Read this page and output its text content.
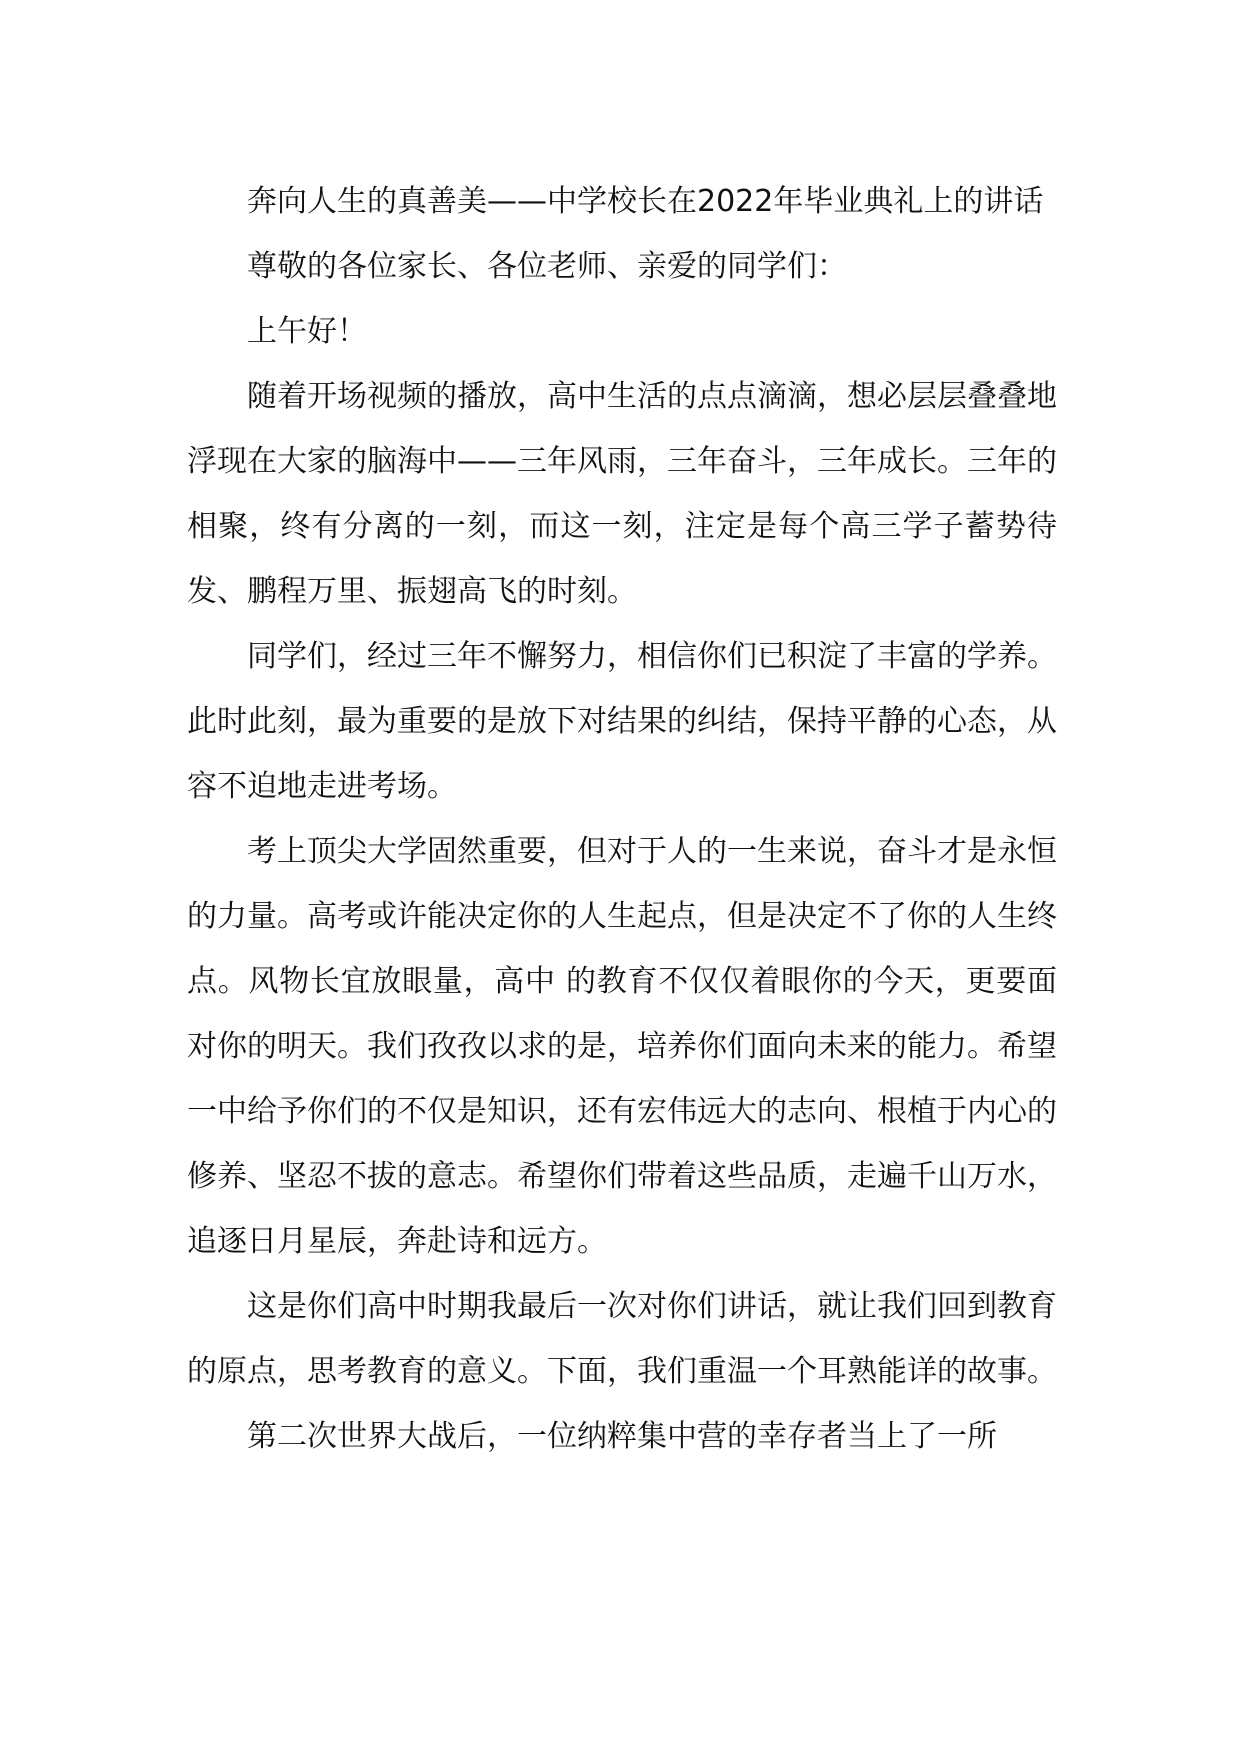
奔向人生的真善美——中学校长在2022年毕业典礼上的讲话

尊敬的各位家长、各位老师、亲爱的同学们：

上午好！

随着开场视频的播放，高中生活的点点滴滴，想必层层叠叠地浮现在大家的脑海中——三年风雨，三年奋斗，三年成长。三年的相聚，终有分离的一刻，而这一刻，注定是每个高三学子蓄势待发、鹏程万里、振翅高飞的时刻。

同学们，经过三年不懈努力，相信你们已积淀了丰富的学养。此时此刻，最为重要的是放下对结果的纠结，保持平静的心态，从容不迫地走进考场。

考上顶尖大学固然重要，但对于人的一生来说，奋斗才是永恒的力量。高考或许能决定你的人生起点，但是决定不了你的人生终点。风物长宜放眼量，高中 的教育不仅仅着眼你的今天，更要面对你的明天。我们孜孜以求的是，培养你们面向未来的能力。希望一中给予你们的不仅是知识，还有宏伟远大的志向、根植于内心的修养、坚忍不拔的意志。希望你们带着这些品质，走遍千山万水，追逐日月星辰，奔赴诗和远方。

这是你们高中时期我最后一次对你们讲话，就让我们回到教育的原点，思考教育的意义。下面，我们重温一个耳熟能详的故事。

第二次世界大战后，一位纳粹集中营的幸存者当上了一所
